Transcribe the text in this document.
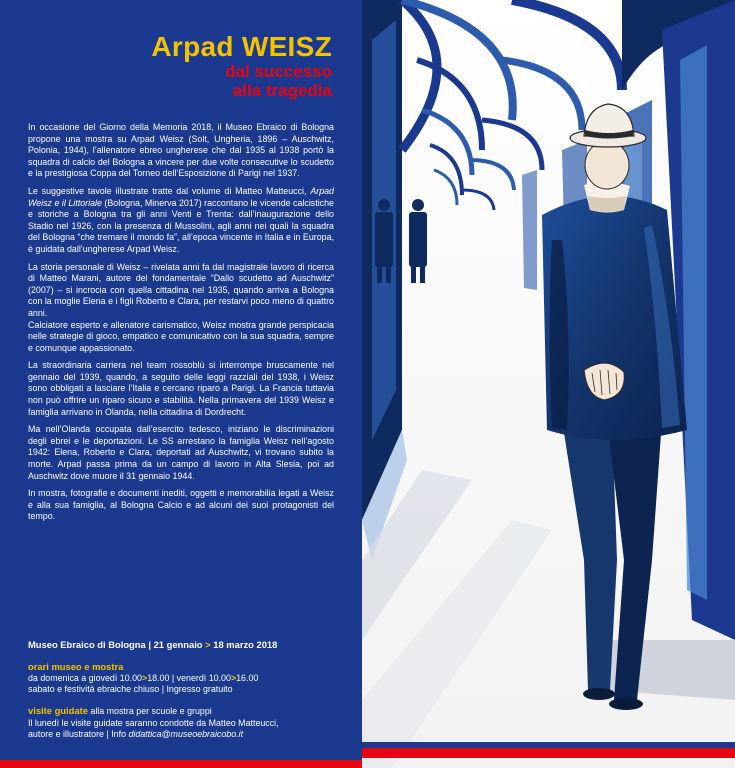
Arpad WEISZ
dal successo
alla tragedia

In occasione del Giorno della Memoria 2018, il Museo Ebraico di Bologna propone una mostra su Arpad Weisz (Solt, Ungheria, 1896 – Auschwitz, Polonia, 1944), l’allenatore ebreo ungherese che dal 1935 al 1938 portò la squadra di calcio del Bologna a vincere per due volte consecutive lo scudetto e la prestigiosa Coppa del Torneo dell’Esposizione di Parigi nel 1937.

Le suggestive tavole illustrate tratte dal volume di Matteo Matteucci, Arpad Weisz e il Littoriale (Bologna, Minerva 2017) raccontano le vicende calcistiche e storiche a Bologna tra gli anni Venti e Trenta: dall’inaugurazione dello Stadio nel 1926, con la presenza di Mussolini, agli anni nei quali la squadra del Bologna “che tremare il mondo fa”, all’epoca vincente in Italia e in Europa, è guidata dall’ungherese Arpad Weisz.

La storia personale di Weisz – rivelata anni fa dal magistrale lavoro di ricerca di Matteo Marani, autore del fondamentale “Dallo scudetto ad Auschwitz” (2007) – si incrocia con quella cittadina nel 1935, quando arriva a Bologna con la moglie Elena e i figli Roberto e Clara, per restarvi poco meno di quattro anni.

Calciatore esperto e allenatore carismatico, Weisz mostra grande perspicacia nelle strategie di gioco, empatico e comunicativo con la sua squadra, sempre e comunque appassionato.

La straordinaria carriera nel team rossoblù si interrompe bruscamente nel gennaio del 1939, quando, a seguito delle leggi razziali del 1938, i Weisz sono obbligati a lasciare l’Italia e cercano riparo a Parigi. La Francia tuttavia non può offrire un riparo sicuro e stabilità. Nella primavera del 1939 Weisz e famiglia arrivano in Olanda, nella cittadina di Dordrecht.

Ma nell’Olanda occupata dall’esercito tedesco, iniziano le discriminazioni degli ebrei e le deportazioni. Le SS arrestano la famiglia Weisz nell’agosto 1942: Elena, Roberto e Clara, deportati ad Auschwitz, vi trovano subito la morte. Arpad passa prima da un campo di lavoro in Alta Slesia, poi ad Auschwitz dove muore il 31 gennaio 1944.

In mostra, fotografie e documenti inediti, oggetti e memorabilia legati a Weisz e alla sua famiglia, al Bologna Calcio e ad alcuni dei suoi protagonisti del tempo.

Museo Ebraico di Bologna | 21 gennaio > 18 marzo 2018
orari museo e mostra
da domenica a giovedì 10.00>18.00 | venerdì 10.00>16.00
sabato e festività ebraiche chiuso | Ingresso gratuito
visite guidate alla mostra per scuole e gruppi
Il lunedì le visite guidate saranno condotte da Matteo Matteucci,
autore e illustratore | Info didattica@museoebraicobo.it
